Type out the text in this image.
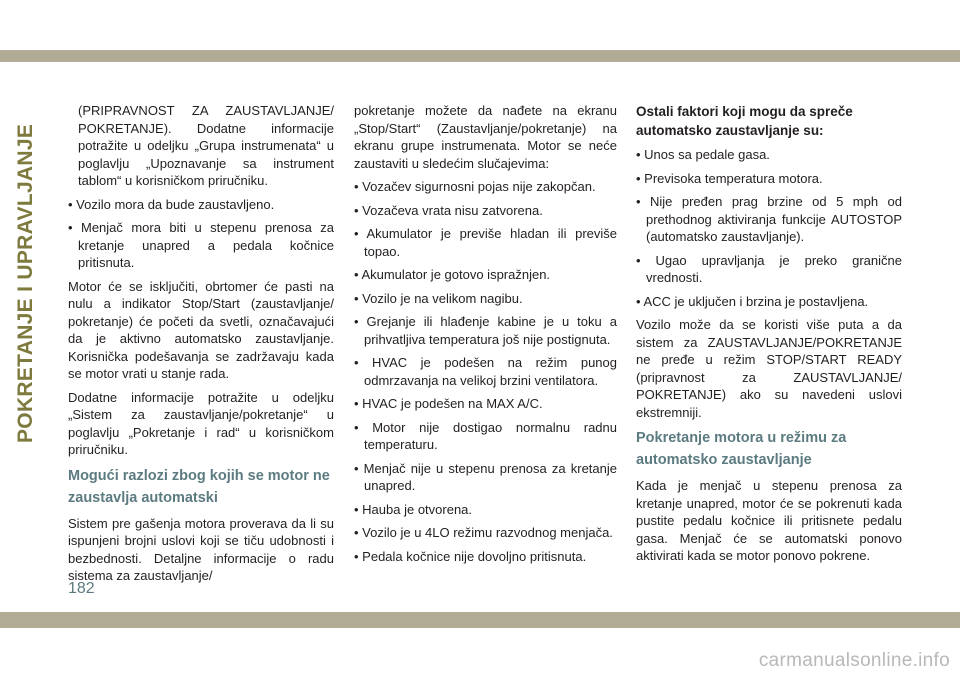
POKRETANJE I UPRAVLJANJE

(PRIPRAVNOST ZA ZAUSTAVLJANJE/ POKRETANJE). Dodatne informacije potražite u odeljku „Grupa instrumenata“ u poglavlju „Upoznavanje sa instrument tablom“ u korisničkom priručniku.

• Vozilo mora da bude zaustavljeno.

• Menjač mora biti u stepenu prenosa za kretanje unapred a pedala kočnice pritisnuta.

Motor će se isključiti, obrtomer će pasti na nulu a indikator Stop/Start (zaustavljanje/ pokretanje) će početi da svetli, označavajući da je aktivno automatsko zaustavljanje. Korisnička podešavanja se zadržavaju kada se motor vrati u stanje rada.

Dodatne informacije potražite u odeljku „Sistem za zaustavljanje/pokretanje“ u poglavlju „Pokretanje i rad“ u korisničkom priručniku.

Mogući razlozi zbog kojih se motor ne zaustavlja automatski

Sistem pre gašenja motora proverava da li su ispunjeni brojni uslovi koji se tiču udobnosti i bezbednosti. Detaljne informacije o radu sistema za zaustavljanje/

pokretanje možete da nađete na ekranu „Stop/Start“ (Zaustavljanje/pokretanje) na ekranu grupe instrumenata. Motor se neće zaustaviti u sledećim slučajevima:

• Vozačev sigurnosni pojas nije zakopčan.

• Vozačeva vrata nisu zatvorena.

• Akumulator je previše hladan ili previše topao.

• Akumulator je gotovo ispražnjen.

• Vozilo je na velikom nagibu.

• Grejanje ili hlađenje kabine je u toku a prihvatljiva temperatura još nije postignuta.

• HVAC je podešen na režim punog odmrzavanja na velikoj brzini ventilatora.

• HVAC je podešen na MAX A/C.

• Motor nije dostigao normalnu radnu temperaturu.

• Menjač nije u stepenu prenosa za kretanje unapred.

• Hauba je otvorena.

• Vozilo je u 4LO režimu razvodnog menjača.

• Pedala kočnice nije dovoljno pritisnuta.

Ostali faktori koji mogu da spreče automatsko zaustavljanje su:

• Unos sa pedale gasa.

• Previsoka temperatura motora.

• Nije pređen prag brzine od 5 mph od prethodnog aktiviranja funkcije AUTOSTOP (automatsko zaustavljanje).

• Ugao upravljanja je preko granične vrednosti.

• ACC je uključen i brzina je postavljena.

Vozilo može da se koristi više puta a da sistem za ZAUSTAVLJANJE/POKRETANJE ne pređe u režim STOP/START READY (pripravnost za ZAUSTAVLJANJE/ POKRETANJE) ako su navedeni uslovi ekstremniji.

Pokretanje motora u režimu za automatsko zaustavljanje

Kada je menjač u stepenu prenosa za kretanje unapred, motor će se pokrenuti kada pustite pedalu kočnice ili pritisnete pedalu gasa. Menjač će se automatski ponovo aktivirati kada se motor ponovo pokrene.

182
carmanualsonline.info
